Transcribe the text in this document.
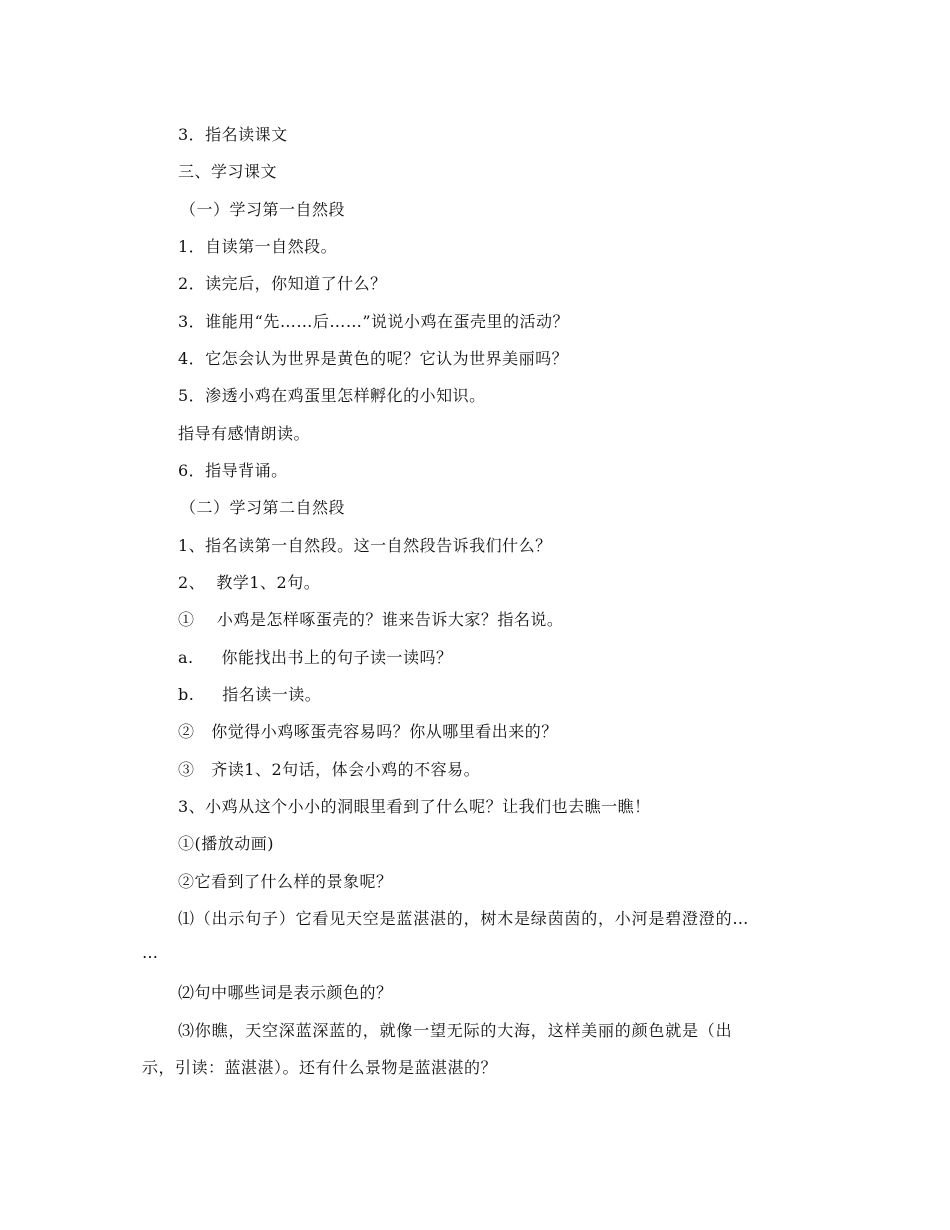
3．指名读课文
三、学习课文
（一）学习第一自然段
1．自读第一自然段。
2．读完后，你知道了什么？
3．谁能用“先……后……”说说小鸡在蛋壳里的活动？
4．它怎会认为世界是黄色的呢？它认为世界美丽吗？
5．渗透小鸡在鸡蛋里怎样孵化的小知识。
指导有感情朗读。
6．指导背诵。
（二）学习第二自然段
1、指名读第一自然段。这一自然段告诉我们什么？
2、  教学1、2句。
①    小鸡是怎样啄蛋壳的？谁来告诉大家？指名说。
a.     你能找出书上的句子读一读吗？
b.     指名读一读。
②   你觉得小鸡啄蛋壳容易吗？你从哪里看出来的？
③   齐读1、2句话，体会小鸡的不容易。
3、小鸡从这个小小的洞眼里看到了什么呢？让我们也去瞧一瞧！
①(播放动画)
②它看到了什么样的景象呢？
⑴（出示句子）它看见天空是蓝湛湛的，树木是绿茵茵的，小河是碧澄澄的…
…
⑵句中哪些词是表示颜色的？
⑶你瞧，天空深蓝深蓝的，就像一望无际的大海，这样美丽的颜色就是（出
示，引读：蓝湛湛）。还有什么景物是蓝湛湛的？
